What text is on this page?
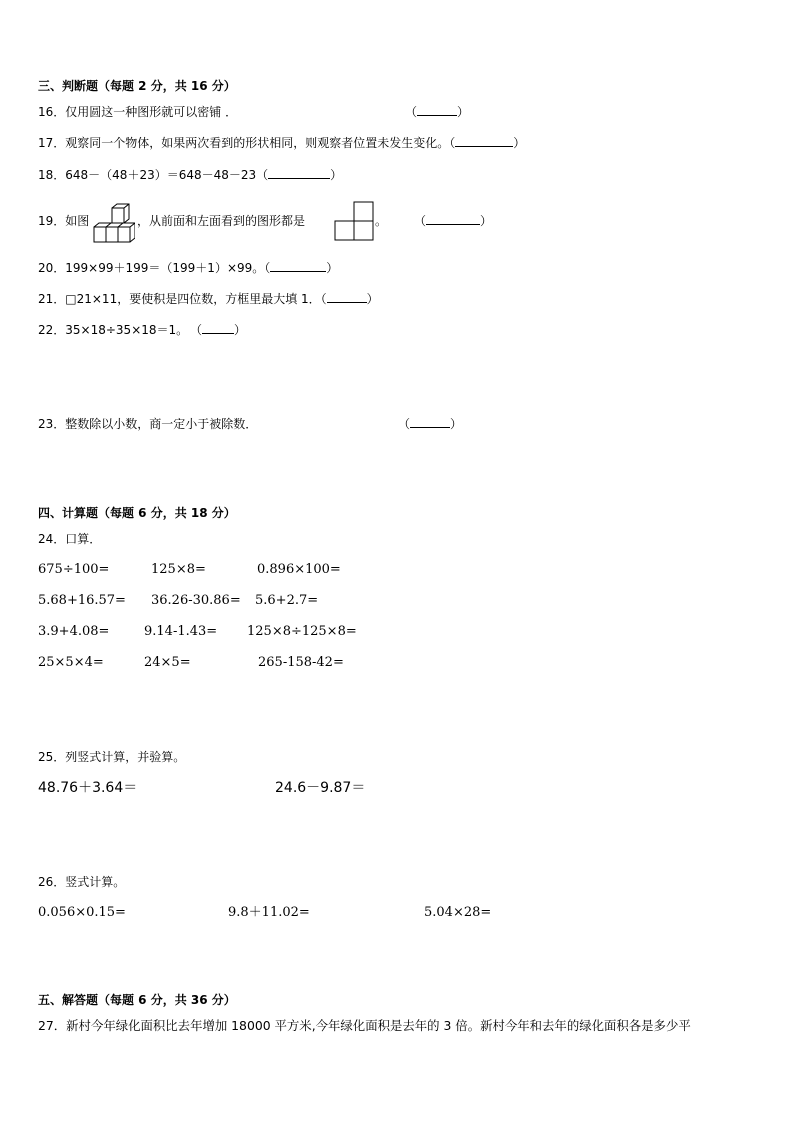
三、判断题（每题 2 分，共 16 分）
16．仅用圆这一种图形就可以密铺 ．	（	）
17．观察同一个物体，如果两次看到的形状相同，则观察者位置未发生变化。（	）
18．648－（48＋23）＝648－48－23（	）
19．如图	，从前面和左面看到的图形都是	。 （	）
20．199×99＋199＝（199＋1）×99。（	）
21．□21×11，要使积是四位数，方框里最大填 1．（	）
22．35×18÷35×18＝1。 （	）
23．整数除以小数，商一定小于被除数．	（	）
四、计算题（每题 6 分，共 18 分）
24．口算．
675÷100=	125×8=	0.896×100=
5.68+16.57= 36.26-30.86= 5.6+2.7=
3.9+4.08=	9.14-1.43= 125×8÷125×8=
25×5×4=	24×5=	265-158-42=
25．列竖式计算，并验算。
48.76＋3.64＝	24.6－9.87＝
26．竖式计算。
0.056×0.15=	9.8＋11.02=	5.04×28=
五、解答题（每题 6 分，共 36 分）
27．新村今年绿化面积比去年增加 18000 平方米,今年绿化面积是去年的 3 倍。新村今年和去年的绿化面积各是多少平
